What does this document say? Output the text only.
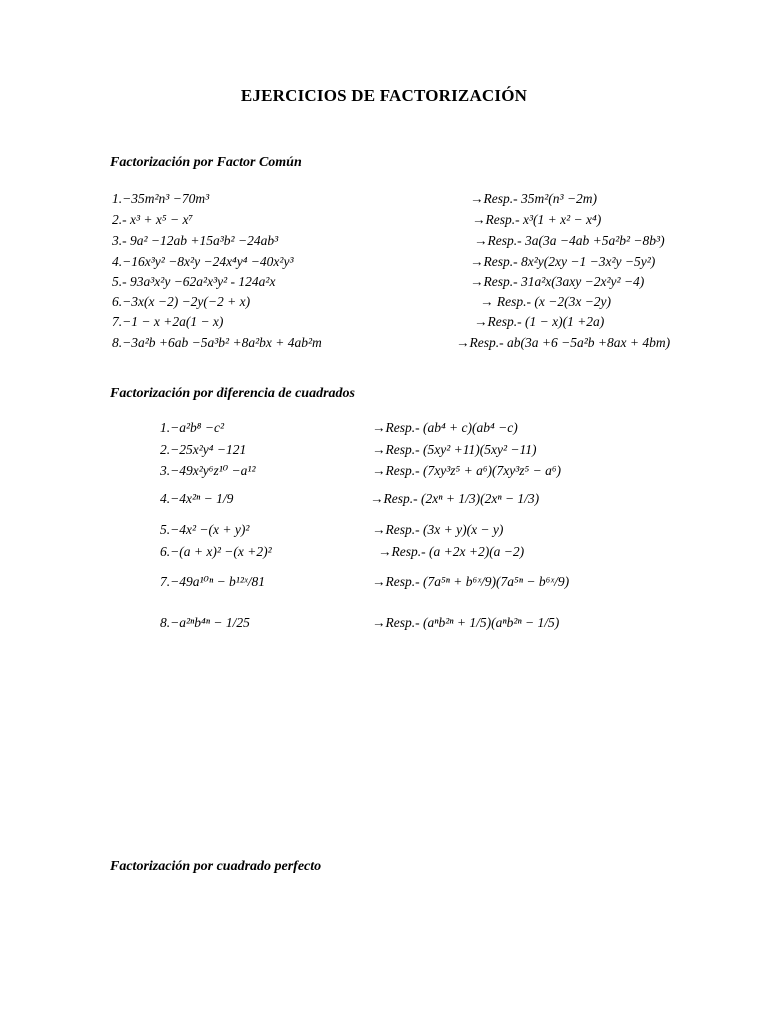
EJERCICIOS DE FACTORIZACIÓN
Factorización por Factor Común
1.−35m²n³ −70m³	→Resp.- 35m²(n³ −2m)
2.- x³ + x⁵ − x⁷	→Resp.- x³(1 + x² − x⁴)
3.- 9a² −12ab +15a³b² −24ab³	→Resp.- 3a(3a −4ab +5a²b² −8b³)
4.−16x³y² −8x²y −24x⁴y⁴ −40x²y³	→Resp.- 8x²y(2xy −1 −3x²y −5y²)
5.- 93a³x²y −62a²x³y² - 124a²x	→Resp.- 31a²x(3axy −2x²y² −4)
6.−3x(x −2) −2y(−2 + x)	→ Resp.- (x −2(3x −2y)
7.−1 − x +2a(1 − x)	→Resp.- (1 − x)(1 +2a)
8.−3a²b +6ab −5a³b² +8a²bx + 4ab²m	→Resp.- ab(3a +6 −5a²b +8ax + 4bm)
Factorización por diferencia de cuadrados
1.−a²b⁸ −c²	→Resp.- (ab⁴ + c)(ab⁴ −c)
2.−25x²y⁴ −121	→Resp.- (5xy² +11)(5xy² −11)
3.−49x²y⁶z¹⁰ −a¹²	→Resp.- (7xy³z⁵ + a⁶)(7xy³z⁵ − a⁶)
4.−4x²ⁿ − 1/9	→Resp.- (2xⁿ + 1/3)(2xⁿ − 1/3)
5.−4x² −(x + y)²	→Resp.- (3x + y)(x − y)
6.−(a + x)² −(x +2)²	→Resp.- (a +2x +2)(a −2)
7.−49a¹⁰ⁿ − b¹²ˣ/81	→Resp.- (7a⁵ⁿ + b⁶ˣ/9)(7a⁵ⁿ − b⁶ˣ/9)
8.−a²ⁿb⁴ⁿ − 1/25	→Resp.- (aⁿb²ⁿ + 1/5)(aⁿb²ⁿ − 1/5)
Factorización por cuadrado perfecto
